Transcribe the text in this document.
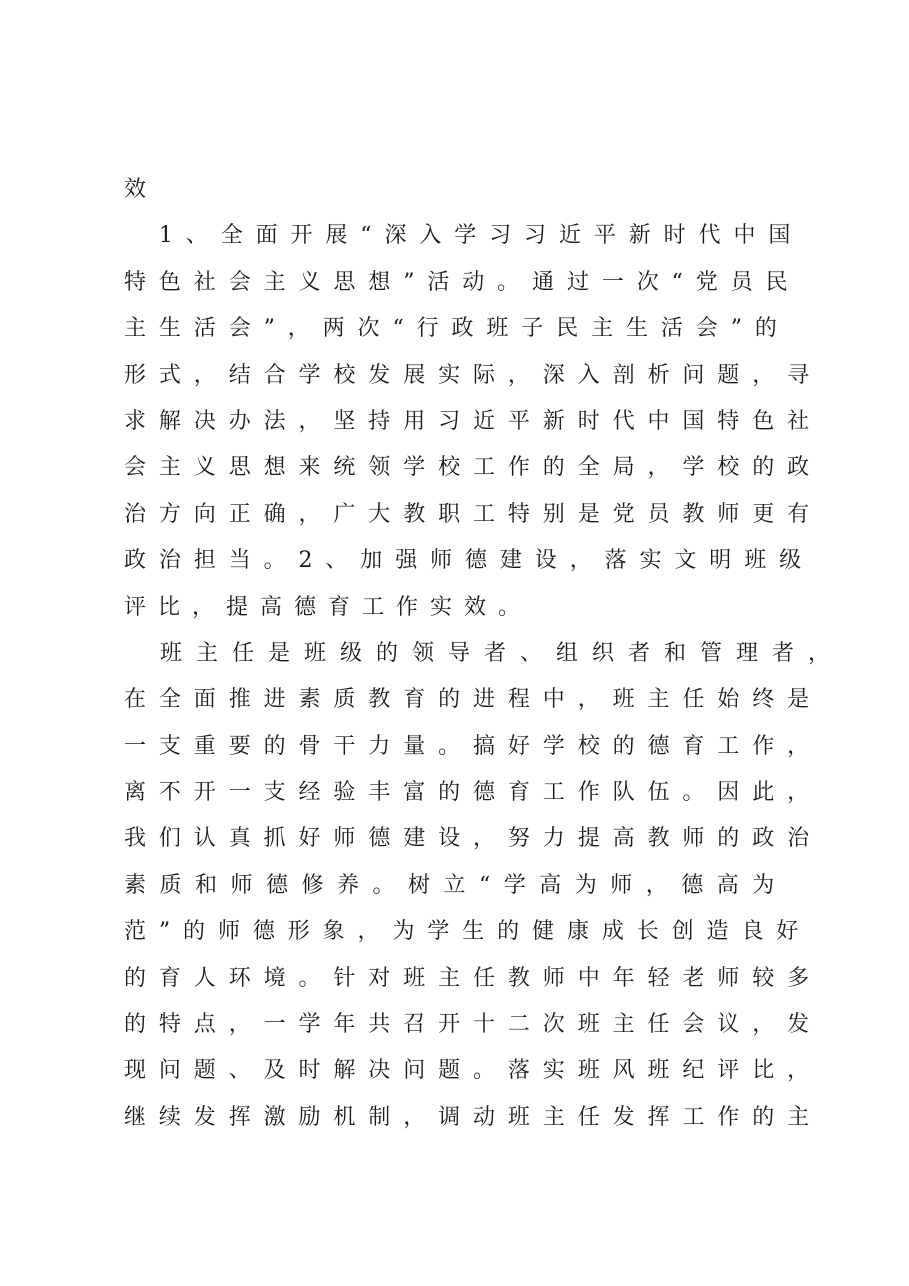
效

　1、全面开展“深入学习习近平新时代中国

特色社会主义思想”活动。通过一次“党员民

主生活会”，两次“行政班子民主生活会”的

形式，结合学校发展实际，深入剖析问题，寻

求解决办法，坚持用习近平新时代中国特色社

会主义思想来统领学校工作的全局，学校的政

治方向正确，广大教职工特别是党员教师更有

政治担当。2、加强师德建设，落实文明班级

评比，提高德育工作实效。

　班主任是班级的领导者、组织者和管理者，

在全面推进素质教育的进程中，班主任始终是

一支重要的骨干力量。搞好学校的德育工作，

离不开一支经验丰富的德育工作队伍。因此，

我们认真抓好师德建设，努力提高教师的政治

素质和师德修养。树立“学高为师，德高为

范”的师德形象，为学生的健康成长创造良好

的育人环境。针对班主任教师中年轻老师较多

的特点，一学年共召开十二次班主任会议，发

现问题、及时解决问题。落实班风班纪评比，

继续发挥激励机制，调动班主任发挥工作的主
